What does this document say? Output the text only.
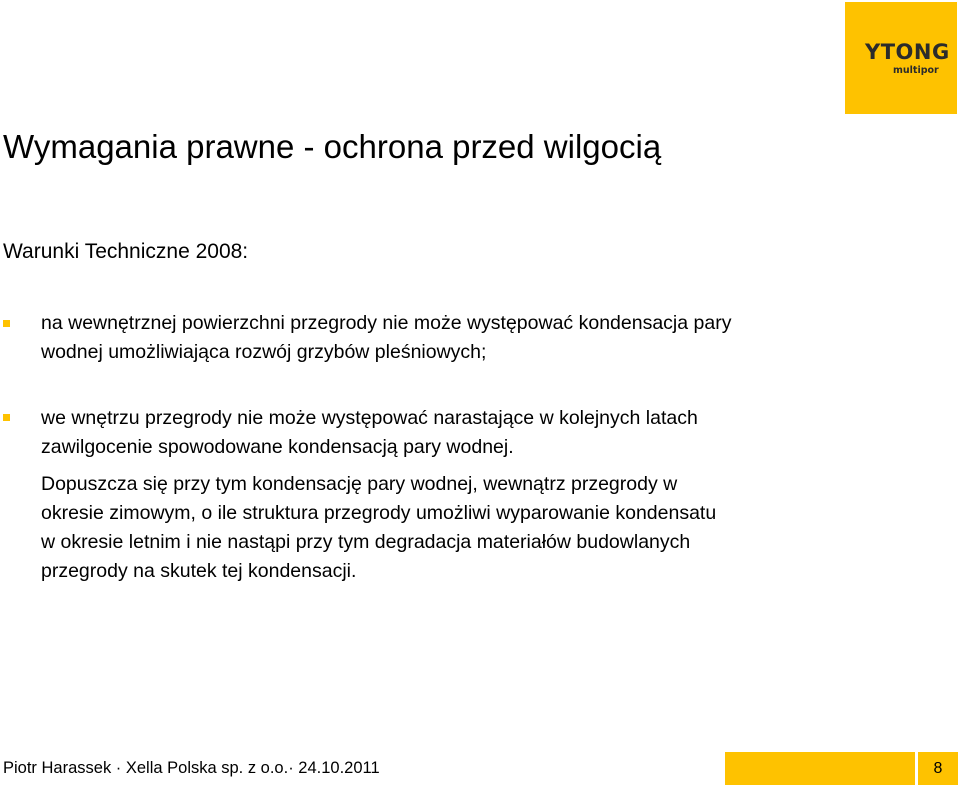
YTONG
multipor
Wymagania prawne - ochrona przed wilgocią
Warunki Techniczne 2008:
na wewnętrznej powierzchni przegrody nie może występować kondensacja pary
wodnej umożliwiająca rozwój grzybów pleśniowych;
we wnętrzu przegrody nie może występować narastające w kolejnych latach
zawilgocenie spowodowane kondensacją pary wodnej.
Dopuszcza się przy tym kondensację pary wodnej, wewnątrz przegrody w
okresie zimowym, o ile struktura przegrody umożliwi wyparowanie kondensatu
w okresie letnim i nie nastąpi przy tym degradacja materiałów budowlanych
przegrody na skutek tej kondensacji.
Piotr Harassek · Xella Polska sp. z o.o.· 24.10.2011	8
